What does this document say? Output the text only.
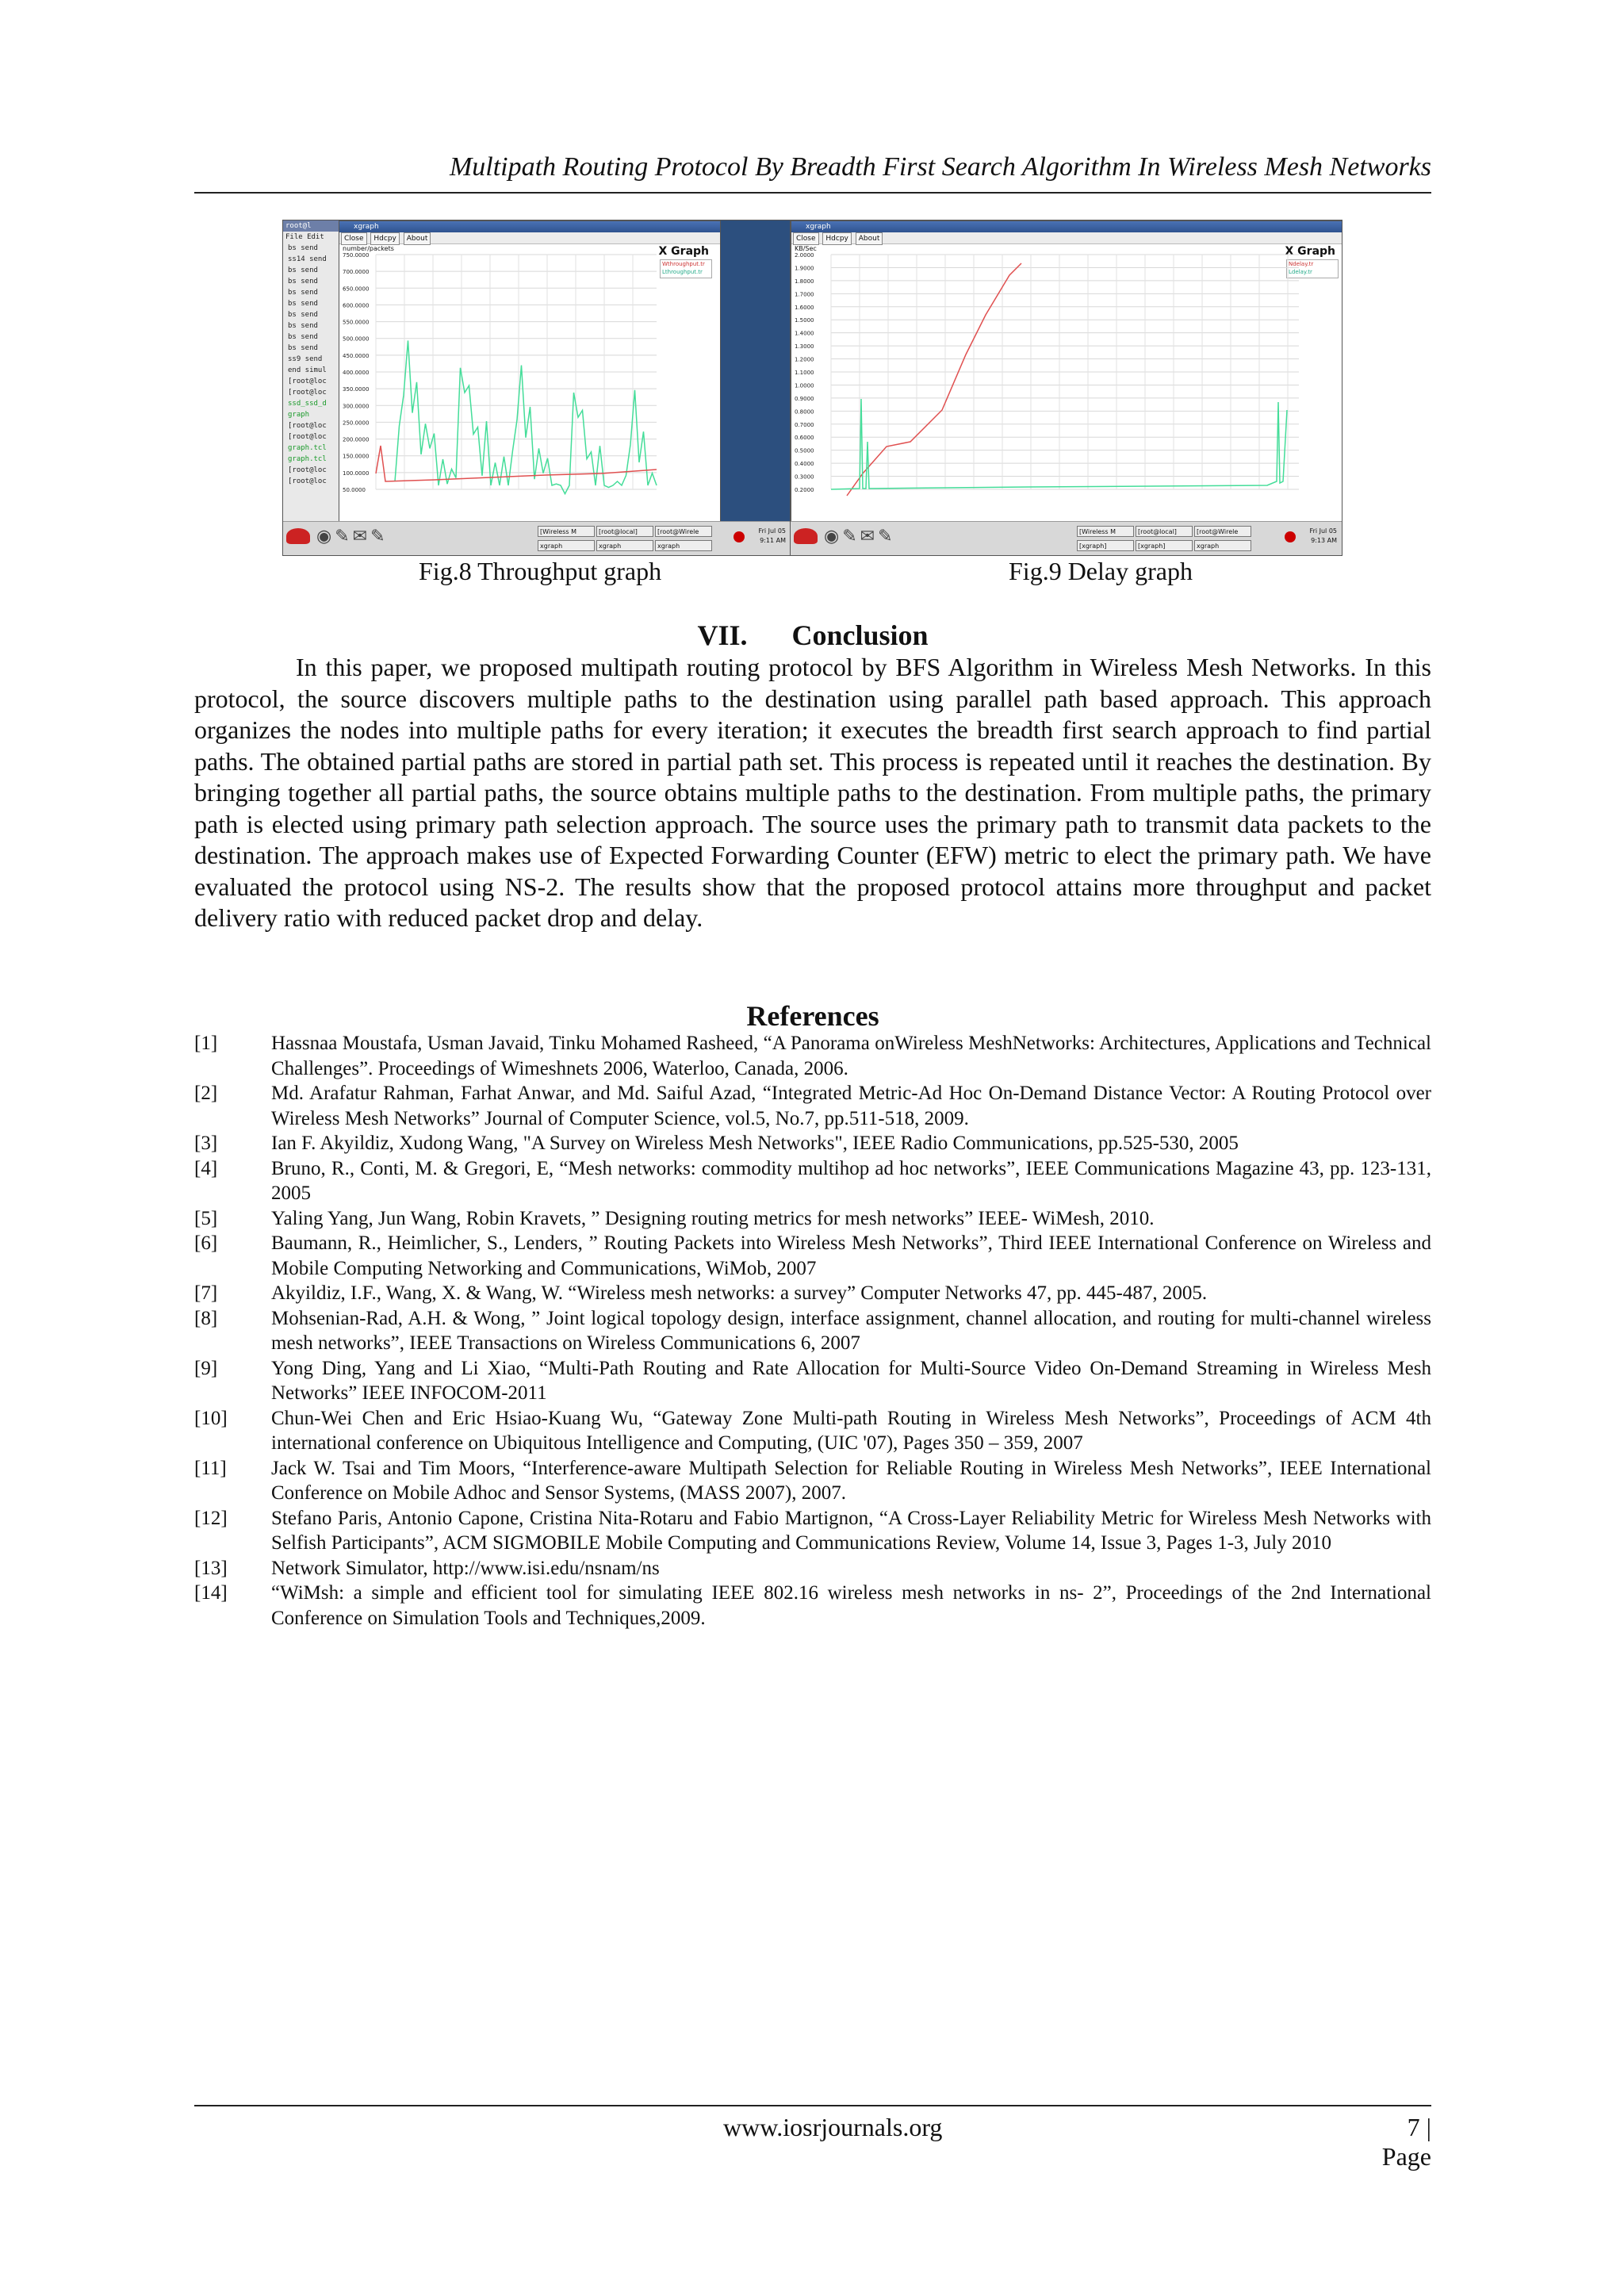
Multipath Routing Protocol By Breadth First Search Algorithm In Wireless Mesh Networks
root@l
File Edit
bs send
ss14 send
bs send
bs send
bs send
bs send
bs send
bs send
bs send
bs send
ss9 send
end simul
[root@loc
[root@loc
ssd_ssd_d
graph
[root@loc
[root@loc
graph.tcl
graph.tcl
[root@loc
[root@loc
xgraph
Close Hdcpy About
number/packets	X Graph
Wthroughput.tr
Lthroughput.tr
750.0000
700.0000
650.0000
600.0000
550.0000
500.0000
450.0000
400.0000
350.0000
300.0000
250.0000
200.0000
150.0000
100.0000
50.0000
◉✎✉✎	[Wireless M	[root@local]	[root@Wirelexgraph	xgraph	xgraph
Fri Jul 05
9:11 AM
xgraph
Close Hdcpy About
KB/Sec	X Graph
Ndelay.tr
Ldelay.tr
2.0000
1.9000
1.8000
1.7000
1.6000
1.5000
1.4000
1.3000
1.2000
1.1000
1.0000
0.9000
0.8000
0.7000
0.6000
0.5000
0.4000
0.3000
0.2000
◉✎✉✎	[Wireless M	[root@local]	[root@Wirele[xgraph]	[xgraph]	xgraph
Fri Jul 05
9:13 AM
Fig.8 Throughput graph	Fig.9 Delay graph
VII. Conclusion

In this paper, we proposed multipath routing protocol by BFS Algorithm in Wireless Mesh Networks. In this protocol, the source discovers multiple paths to the destination using parallel path based approach. This approach organizes the nodes into multiple paths for every iteration; it executes the breadth first search approach to find partial paths. The obtained partial paths are stored in partial path set. This process is repeated until it reaches the destination. By bringing together all partial paths, the source obtains multiple paths to the destination. From multiple paths, the primary path is elected using primary path selection approach. The source uses the primary path to transmit data packets to the destination. The approach makes use of Expected Forwarding Counter (EFW) metric to elect the primary path. We have evaluated the protocol using NS-2. The results show that the proposed protocol attains more throughput and packet delivery ratio with reduced packet drop and delay.

References
[1]	Hassnaa Moustafa, Usman Javaid, Tinku Mohamed Rasheed, “A Panorama onWireless MeshNetworks: Architectures, Applications and Technical Challenges”. Proceedings of Wimeshnets 2006, Waterloo, Canada, 2006.
[2]	Md. Arafatur Rahman, Farhat Anwar, and Md. Saiful Azad, “Integrated Metric-Ad Hoc On-Demand Distance Vector: A Routing Protocol over Wireless Mesh Networks” Journal of Computer Science, vol.5, No.7, pp.511-518, 2009.
[3]	Ian F. Akyildiz, Xudong Wang, "A Survey on Wireless Mesh Networks", IEEE Radio Communications, pp.525-530, 2005
[4]	Bruno, R., Conti, M. & Gregori, E, “Mesh networks: commodity multihop ad hoc networks”, IEEE Communications Magazine 43, pp. 123-131, 2005
[5]	Yaling Yang, Jun Wang, Robin Kravets, ” Designing routing metrics for mesh networks” IEEE- WiMesh, 2010.
[6]	Baumann, R., Heimlicher, S., Lenders, ” Routing Packets into Wireless Mesh Networks”, Third IEEE International Conference on Wireless and Mobile Computing Networking and Communications, WiMob, 2007
[7]	Akyildiz, I.F., Wang, X. & Wang, W. “Wireless mesh networks: a survey” Computer Networks 47, pp. 445-487, 2005.
[8]	Mohsenian-Rad, A.H. & Wong, ” Joint logical topology design, interface assignment, channel allocation, and routing for multi-channel wireless mesh networks”, IEEE Transactions on Wireless Communications 6, 2007
[9]	Yong Ding, Yang and Li Xiao, “Multi-Path Routing and Rate Allocation for Multi-Source Video On-Demand Streaming in Wireless Mesh Networks” IEEE INFOCOM-2011
[10]	Chun-Wei Chen and Eric Hsiao-Kuang Wu, “Gateway Zone Multi-path Routing in Wireless Mesh Networks”, Proceedings of ACM 4th international conference on Ubiquitous Intelligence and Computing, (UIC '07), Pages 350 – 359, 2007
[11]	Jack W. Tsai and Tim Moors, “Interference-aware Multipath Selection for Reliable Routing in Wireless Mesh Networks”, IEEE International Conference on Mobile Adhoc and Sensor Systems, (MASS 2007), 2007.
[12]	Stefano Paris, Antonio Capone, Cristina Nita-Rotaru and Fabio Martignon, “A Cross-Layer Reliability Metric for Wireless Mesh Networks with Selfish Participants”, ACM SIGMOBILE Mobile Computing and Communications Review, Volume 14, Issue 3, Pages 1-3, July 2010
[13]	Network Simulator, http://www.isi.edu/nsnam/ns
[14]	“WiMsh: a simple and efficient tool for simulating IEEE 802.16 wireless mesh networks in ns- 2”, Proceedings of the 2nd International Conference on Simulation Tools and Techniques,2009.
www.iosrjournals.org	7 | Page
